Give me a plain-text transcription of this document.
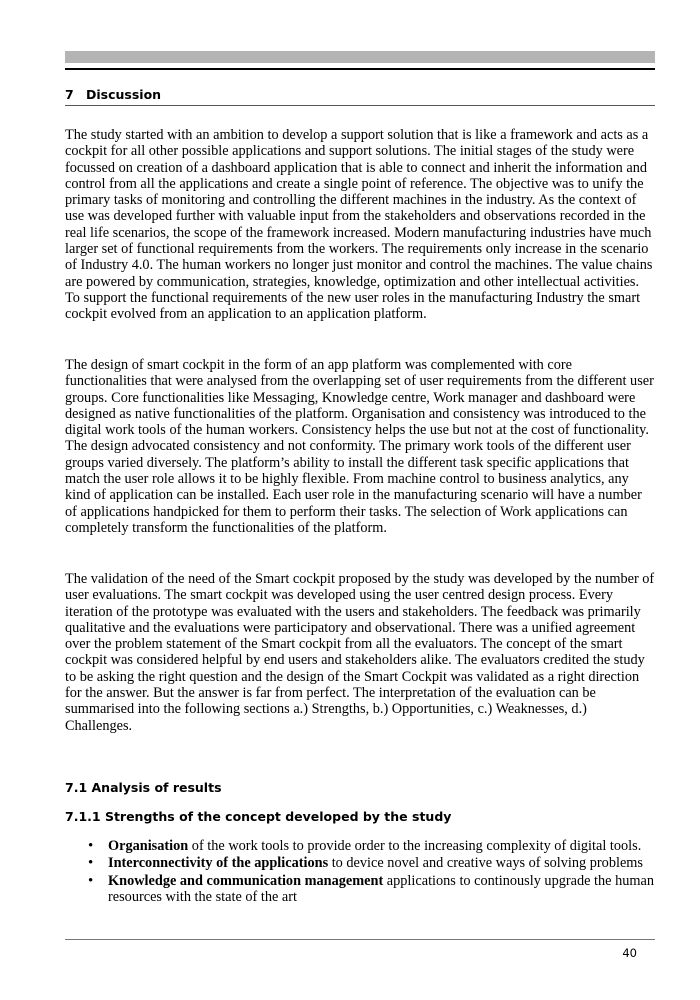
7 Discussion

The study started with an ambition to develop a support solution that is like a framework and acts as a
cockpit for all other possible applications and support solutions. The initial stages of the study were
focussed on creation of a dashboard application that is able to connect and inherit the information and
control from all the applications and create a single point of reference. The objective was to unify the
primary tasks of monitoring and controlling the different machines in the industry. As the context of
use was developed further with valuable input from the stakeholders and observations recorded in the
real life scenarios, the scope of the framework increased. Modern manufacturing industries have much
larger set of functional requirements from the workers. The requirements only increase in the scenario
of Industry 4.0. The human workers no longer just monitor and control the machines. The value chains
are powered by communication, strategies, knowledge, optimization and other intellectual activities.
To support the functional requirements of the new user roles in the manufacturing Industry the smart
cockpit evolved from an application to an application platform.

The design of smart cockpit in the form of an app platform was complemented with core
functionalities that were analysed from the overlapping set of user requirements from the different user
groups. Core functionalities like Messaging, Knowledge centre, Work manager and dashboard were
designed as native functionalities of the platform. Organisation and consistency was introduced to the
digital work tools of the human workers. Consistency helps the use but not at the cost of functionality.
The design advocated consistency and not conformity. The primary work tools of the different user
groups varied diversely. The platform’s ability to install the different task specific applications that
match the user role allows it to be highly flexible. From machine control to business analytics, any
kind of application can be installed. Each user role in the manufacturing scenario will have a number
of applications handpicked for them to perform their tasks. The selection of Work applications can
completely transform the functionalities of the platform.

The validation of the need of the Smart cockpit proposed by the study was developed by the number of
user evaluations. The smart cockpit was developed using the user centred design process. Every
iteration of the prototype was evaluated with the users and stakeholders. The feedback was primarily
qualitative and the evaluations were participatory and observational. There was a unified agreement
over the problem statement of the Smart cockpit from all the evaluators. The concept of the smart
cockpit was considered helpful by end users and stakeholders alike. The evaluators credited the study
to be asking the right question and the design of the Smart Cockpit was validated as a right direction
for the answer. But the answer is far from perfect. The interpretation of the evaluation can be
summarised into the following sections a.) Strengths, b.) Opportunities, c.) Weaknesses, d.)
Challenges.

7.1 Analysis of results
7.1.1 Strengths of the concept developed by the study
• Organisation of the work tools to provide order to the increasing complexity of digital tools.
• Interconnectivity of the applications to device novel and creative ways of solving problems
• Knowledge and communication management applications to continously upgrade the human resources with the state of the art
40
